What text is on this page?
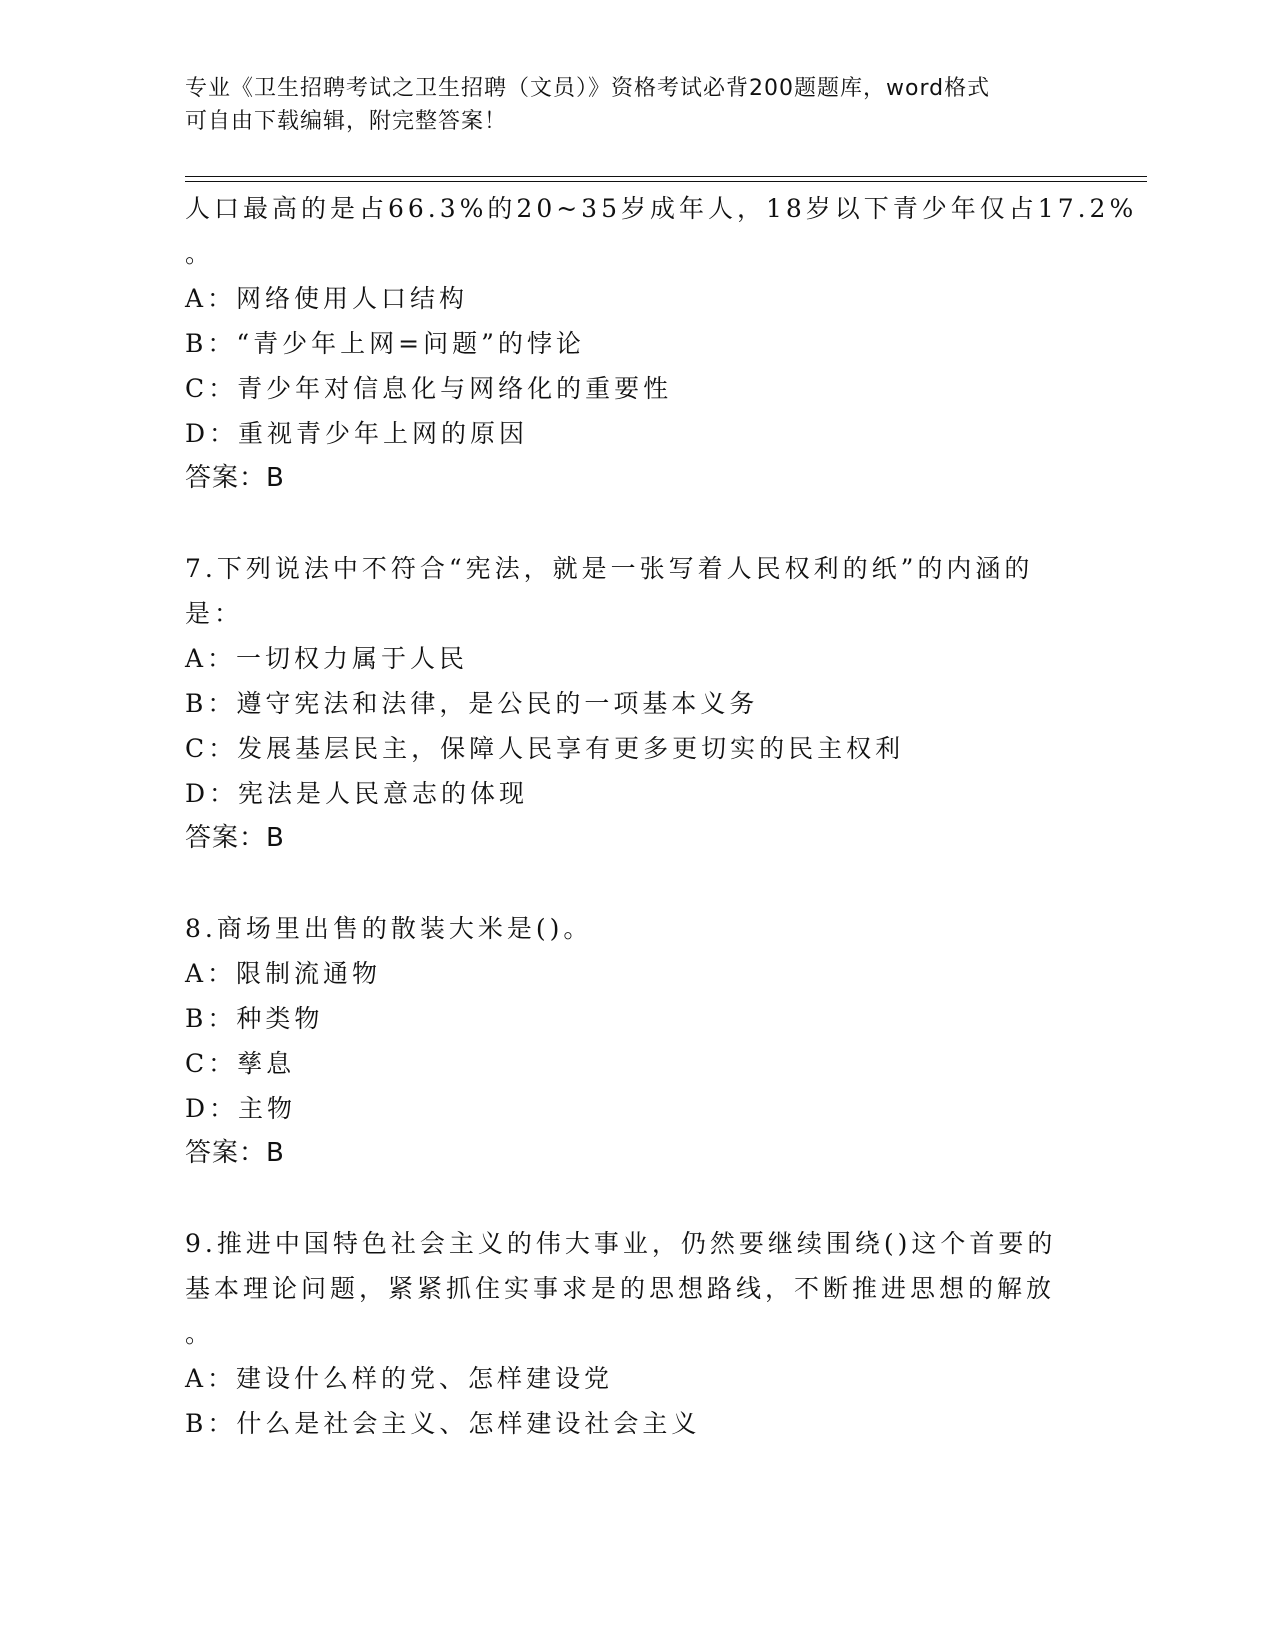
专业《卫生招聘考试之卫生招聘（文员）》资格考试必背200题题库，word格式
可自由下载编辑，附完整答案！
人口最高的是占66.3%的20~35岁成年人，18岁以下青少年仅占17.2%
。
A：网络使用人口结构
B：“青少年上网=问题”的悖论
C：青少年对信息化与网络化的重要性
D：重视青少年上网的原因
答案：B
7.下列说法中不符合“宪法，就是一张写着人民权利的纸”的内涵的
是：
A：一切权力属于人民
B：遵守宪法和法律，是公民的一项基本义务
C：发展基层民主，保障人民享有更多更切实的民主权利
D：宪法是人民意志的体现
答案：B
8.商场里出售的散装大米是()。
A：限制流通物
B：种类物
C：孳息
D：主物
答案：B
9.推进中国特色社会主义的伟大事业，仍然要继续围绕()这个首要的
基本理论问题，紧紧抓住实事求是的思想路线，不断推进思想的解放
。
A：建设什么样的党、怎样建设党
B：什么是社会主义、怎样建设社会主义
